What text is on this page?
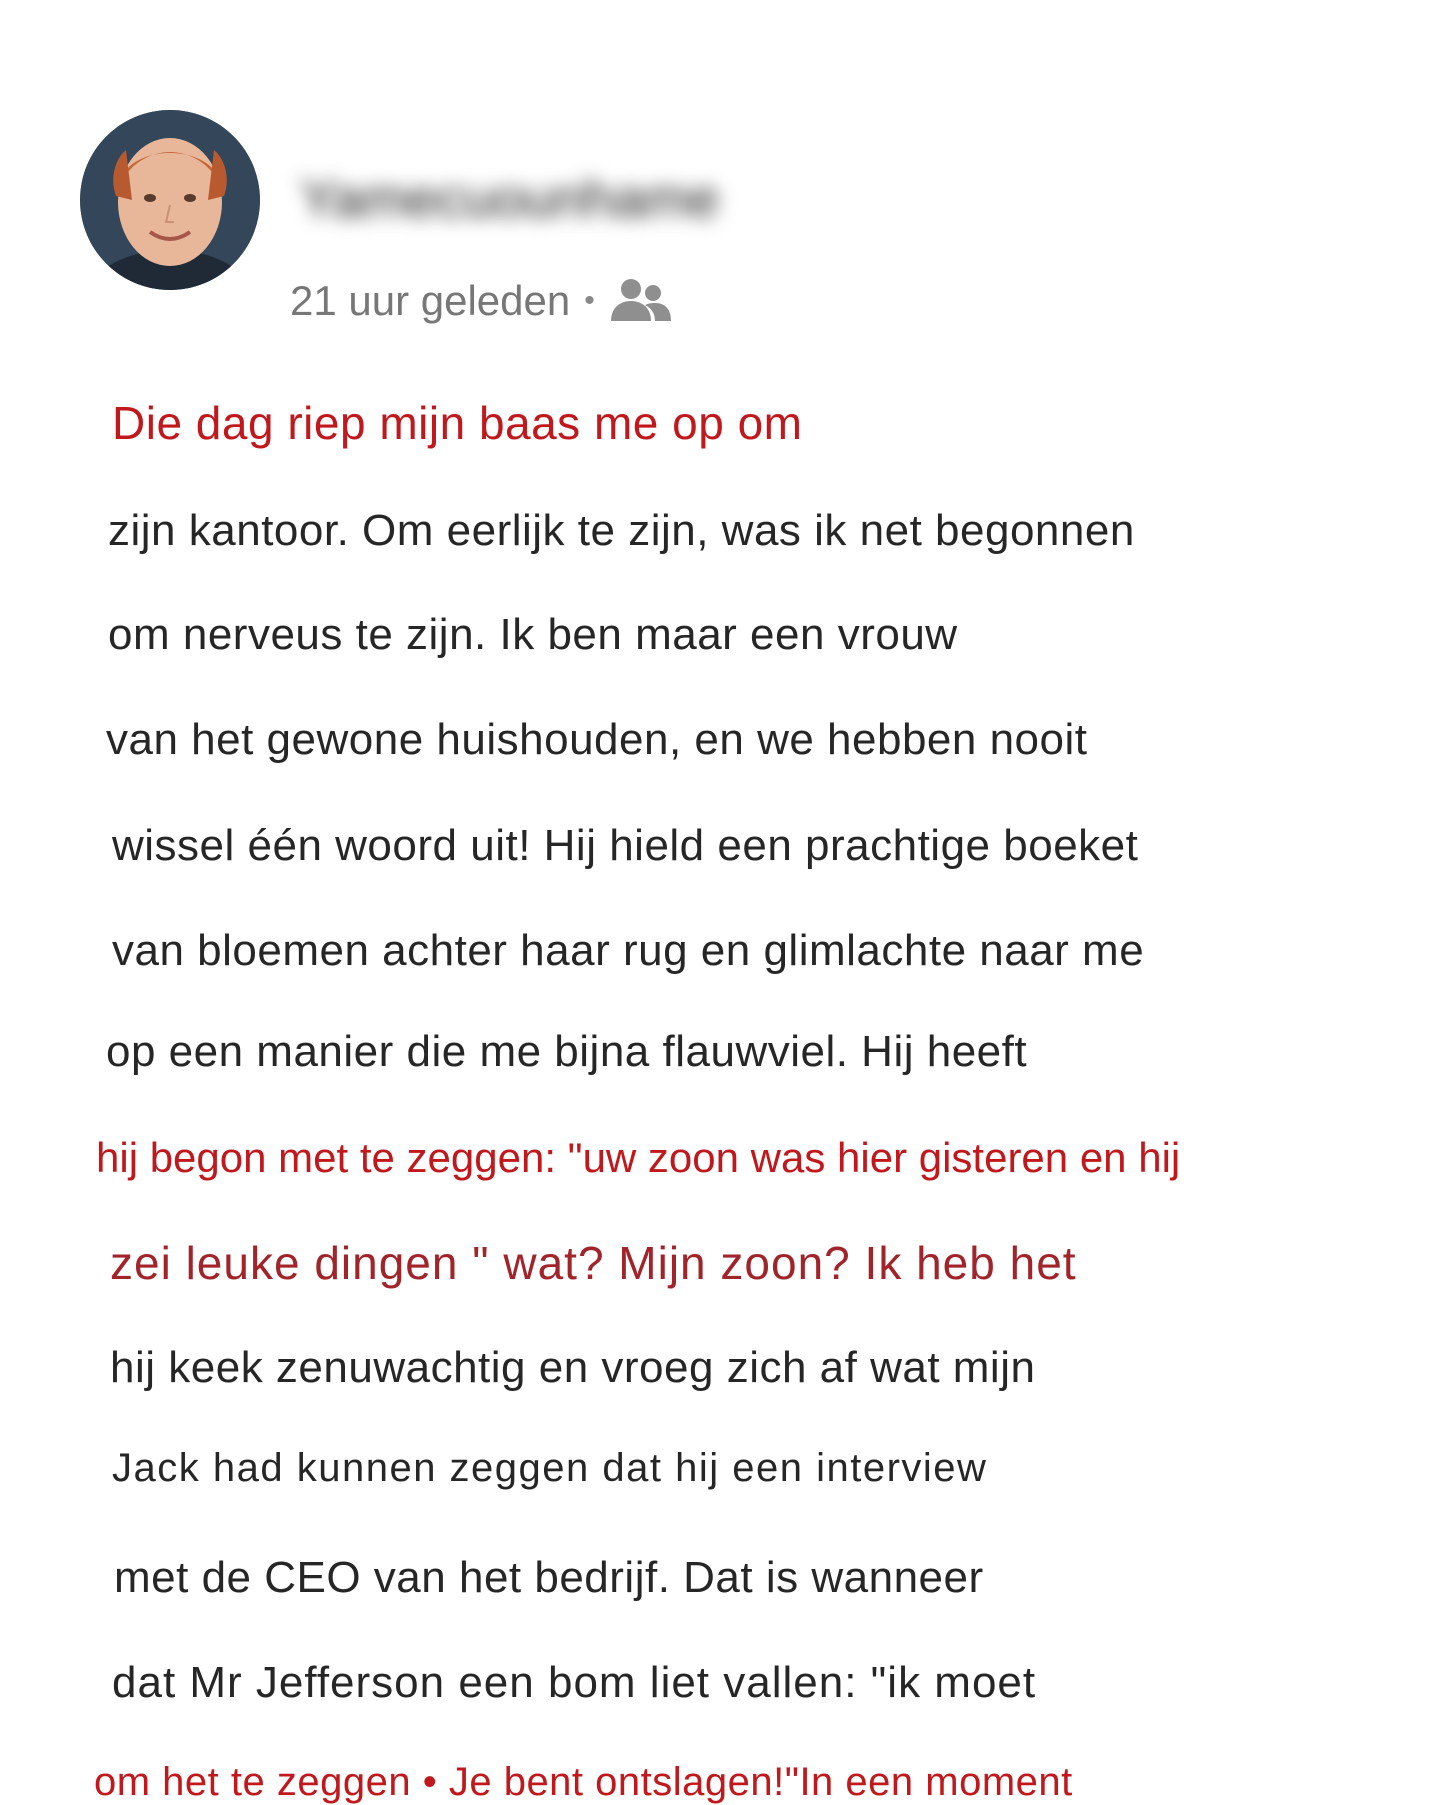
Yamecuounhame
21 uur geleden •
Die dag riep mijn baas me op om
zijn kantoor. Om eerlijk te zijn, was ik net begonnen
om nerveus te zijn. Ik ben maar een vrouw
van het gewone huishouden, en we hebben nooit
wissel één woord uit! Hij hield een prachtige boeket
van bloemen achter haar rug en glimlachte naar me
op een manier die me bijna flauwviel. Hij heeft
hij begon met te zeggen: "uw zoon was hier gisteren en hij
zei leuke dingen " wat? Mijn zoon? Ik heb het
hij keek zenuwachtig en vroeg zich af wat mijn
Jack had kunnen zeggen dat hij een interview
met de CEO van het bedrijf. Dat is wanneer
dat Mr Jefferson een bom liet vallen: "ik moet
om het te zeggen • Je bent ontslagen!"In een moment
